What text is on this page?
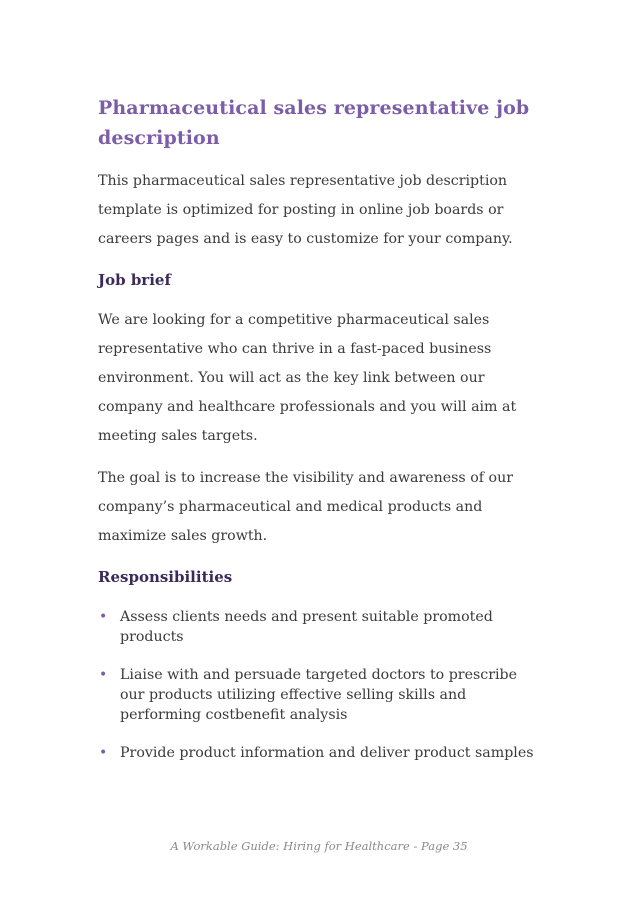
Pharmaceutical sales representative job description

This pharmaceutical sales representative job description template is optimized for posting in online job boards or careers pages and is easy to customize for your company.

Job brief

We are looking for a competitive pharmaceutical sales representative who can thrive in a fast-paced business environment. You will act as the key link between our company and healthcare professionals and you will aim at meeting sales targets.

The goal is to increase the visibility and awareness of our company’s pharmaceutical and medical products and maximize sales growth.

Responsibilities
• Assess clients needs and present suitable promoted products
• Liaise with and persuade targeted doctors to prescribe our products utilizing effective selling skills and performing costbenefit analysis
• Provide product information and deliver product samples
A Workable Guide: Hiring for Healthcare - Page 35
